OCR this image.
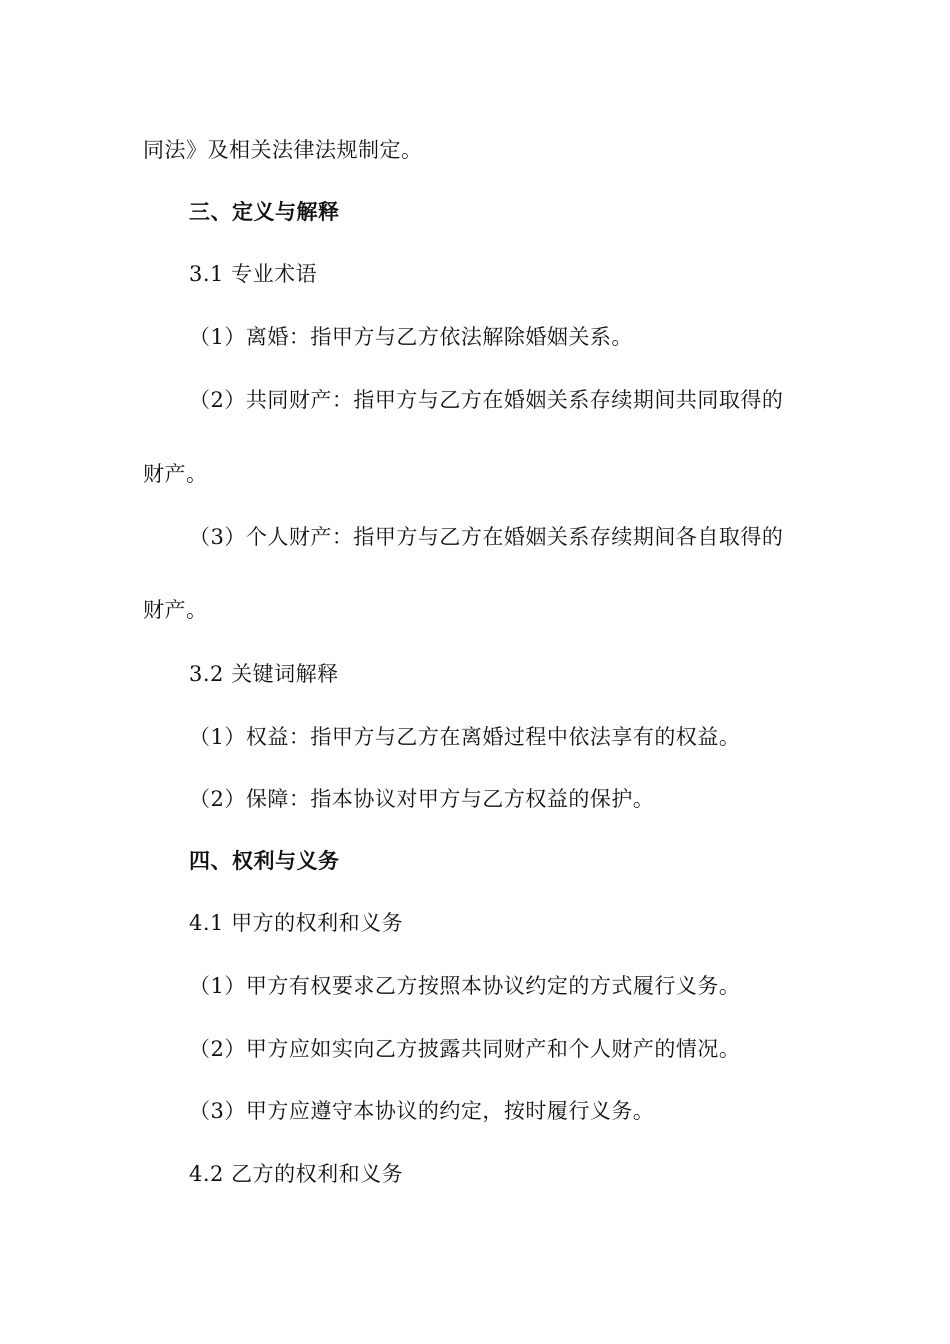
同法》及相关法律法规制定。
三、定义与解释
3.1 专业术语
（1）离婚：指甲方与乙方依法解除婚姻关系。
（2）共同财产：指甲方与乙方在婚姻关系存续期间共同取得的
财产。
（3）个人财产：指甲方与乙方在婚姻关系存续期间各自取得的
财产。
3.2 关键词解释
（1）权益：指甲方与乙方在离婚过程中依法享有的权益。
（2）保障：指本协议对甲方与乙方权益的保护。
四、权利与义务
4.1 甲方的权利和义务
（1）甲方有权要求乙方按照本协议约定的方式履行义务。
（2）甲方应如实向乙方披露共同财产和个人财产的情况。
（3）甲方应遵守本协议的约定，按时履行义务。
4.2 乙方的权利和义务
